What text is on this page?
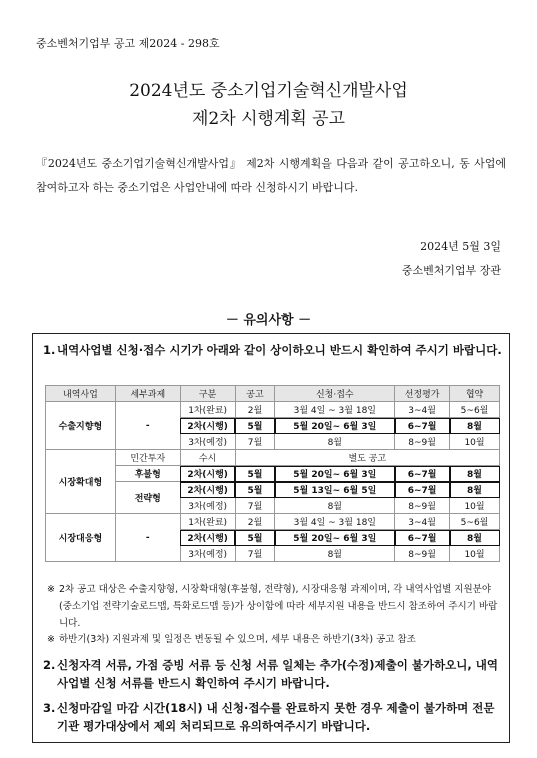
중소벤처기업부 공고 제2024 - 298호
2024년도 중소기업기술혁신개발사업
제2차 시행계획 공고
『2024년도 중소기업기술혁신개발사업』 제2차 시행계획을 다음과 같이 공고하오니, 동 사업에 참여하고자 하는 중소기업은 사업안내에 따라 신청하시기 바랍니다.
2024년 5월 3일
중소벤처기업부 장관
－ 유의사항 －
1. 내역사업별 신청·접수 시기가 아래와 같이 상이하오니 반드시 확인하여 주시기 바랍니다.
내역사업	세부과제	구분	공고	신청·접수	선정평가	협약
수출지향형	-	1차(완료)	2월	3월 4일 ~ 3월 18일	3~4월	5~6월
		2차(시행)	5월	5월 20일~ 6월 3일	6~7월	8월
		3차(예정)	7월	8월	8~9월	10월
시장확대형	민간투자	수시	별도 공고			
	후불형	2차(시행)	5월	5월 20일~ 6월 3일	6~7월	8월
	전략형	2차(시행)	5월	5월 13일~ 6월 5일	6~7월	8월
		3차(예정)	7월	8월	8~9월	10월
시장대응형	-	1차(완료)	2월	3월 4일 ~ 3월 18일	3~4월	5~6월
		2차(시행)	5월	5월 20일~ 6월 3일	6~7월	8월
		3차(예정)	7월	8월	8~9월	10월
※ 2차 공고 대상은 수출지향형, 시장확대형(후불형, 전략형), 시장대응형 과제이며, 각 내역사업별 지원분야(중소기업 전략기술로드맵, 특화로드맵 등)가 상이함에 따라 세부지원 내용을 반드시 참조하여 주시기 바랍니다.
※ 하반기(3차) 지원과제 및 일정은 변동될 수 있으며, 세부 내용은 하반기(3차) 공고 참조
2. 신청자격 서류, 가점 증빙 서류 등 신청 서류 일체는 추가(수정)제출이 불가하오니, 내역사업별 신청 서류를 반드시 확인하여 주시기 바랍니다.
3. 신청마감일 마감 시간(18시) 내 신청·접수를 완료하지 못한 경우 제출이 불가하며 전문기관 평가대상에서 제외 처리되므로 유의하여주시기 바랍니다.
